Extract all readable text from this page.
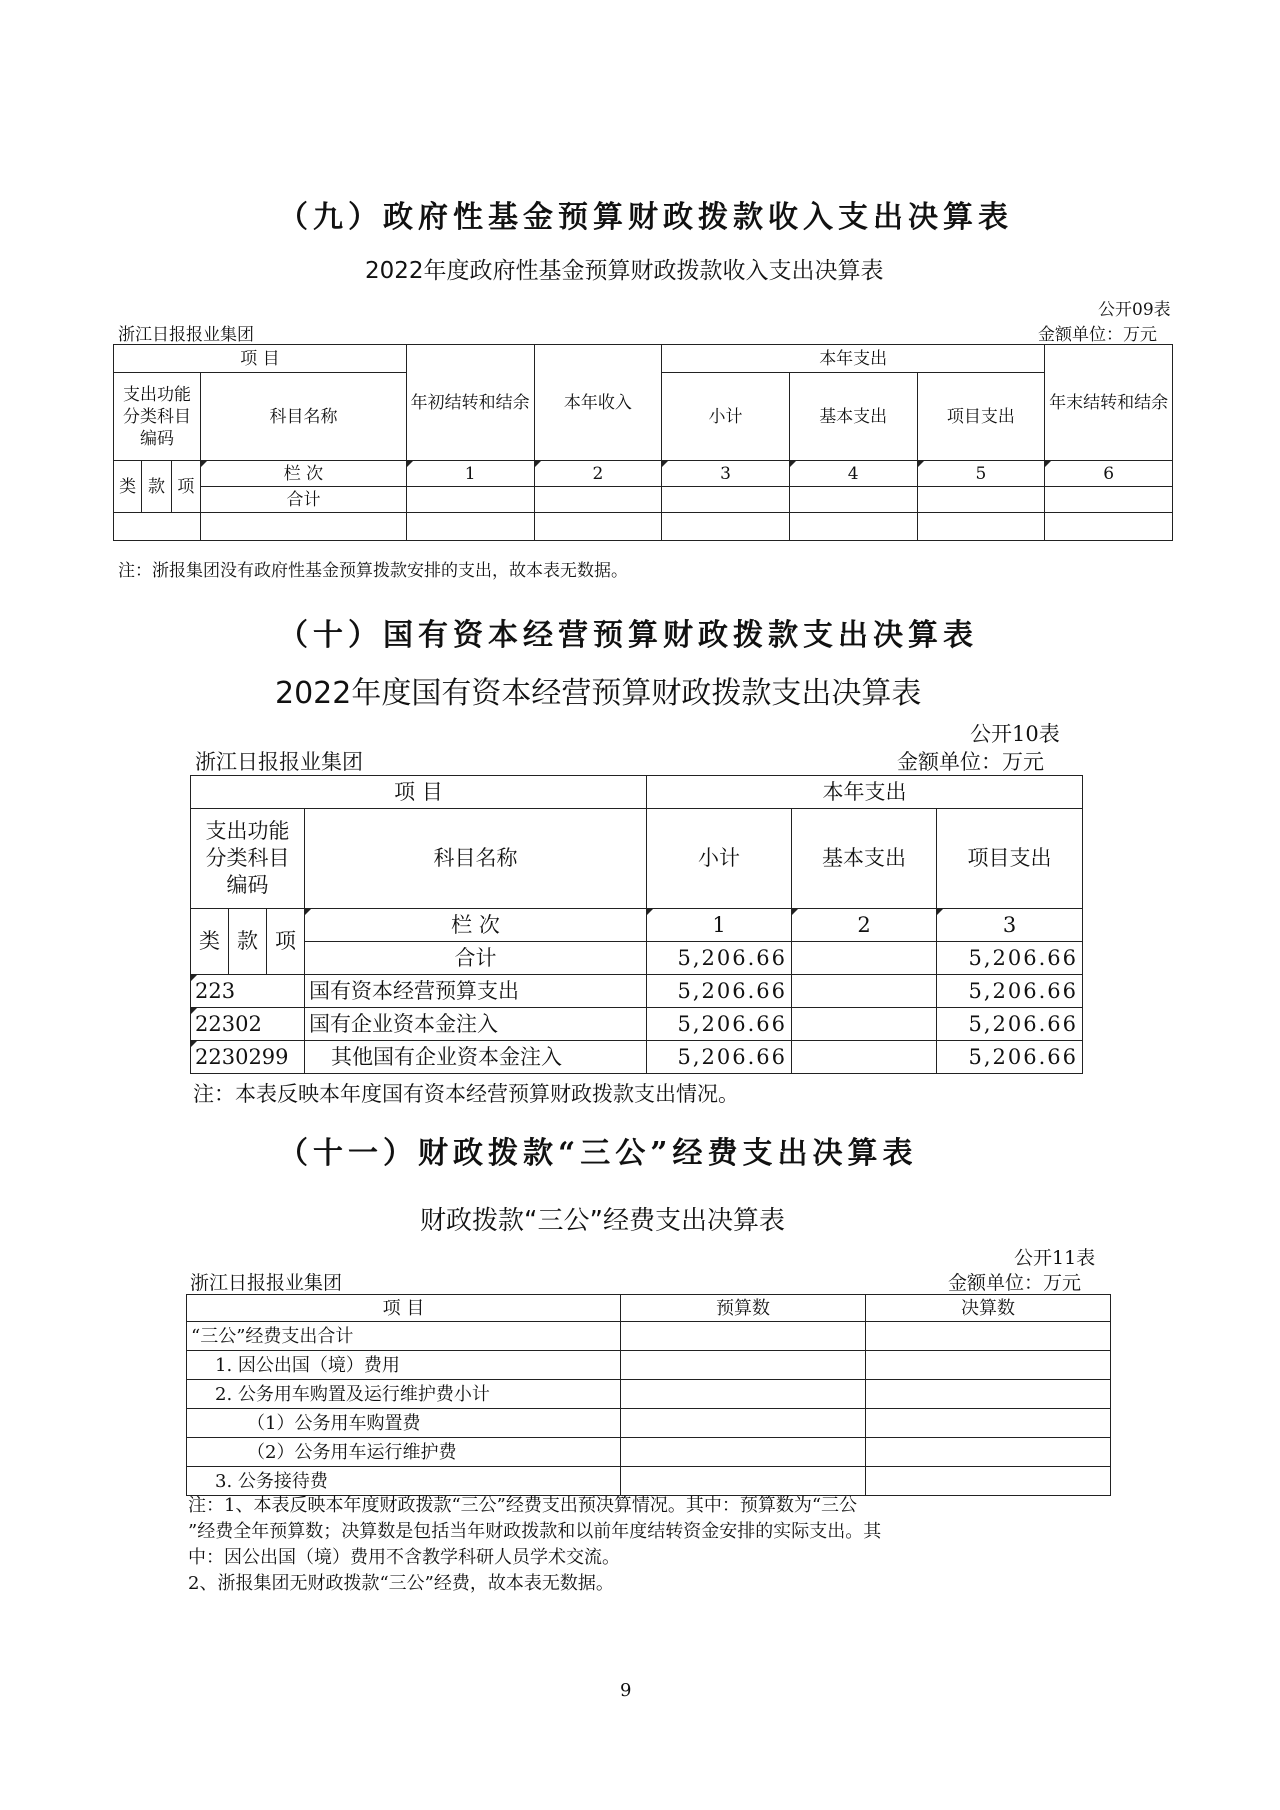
（九）政府性基金预算财政拨款收入支出决算表
2022年度政府性基金预算财政拨款收入支出决算表
公开09表
浙江日报报业集团	金额单位：万元
项 目				年初结转和结余	本年收入	本年支出			年末结转和结余
支出功能分类科目编码			科目名称			小计	基本支出	项目支出	
类	款	项	栏 次	1	2	3	4	5	6
			合计						

注：浙报集团没有政府性基金预算拨款安排的支出，故本表无数据。
（十）国有资本经营预算财政拨款支出决算表
2022年度国有资本经营预算财政拨款支出决算表
公开10表
浙江日报报业集团	金额单位：万元
项 目				本年支出		
支出功能分类科目编码			科目名称	小计	基本支出	项目支出
类	款	项	栏 次	1	2	3
			合计	5,206.66		5,206.66
223			国有资本经营预算支出	5,206.66		5,206.66
22302			国有企业资本金注入	5,206.66		5,206.66
2230299			其他国有企业资本金注入	5,206.66		5,206.66
注：本表反映本年度国有资本经营预算财政拨款支出情况。
（十一）财政拨款“三公”经费支出决算表
财政拨款“三公”经费支出决算表
公开11表
浙江日报报业集团	金额单位：万元
项 目	预算数	决算数
“三公”经费支出合计		
1. 因公出国（境）费用		
2. 公务用车购置及运行维护费小计		
（1）公务用车购置费		
（2）公务用车运行维护费		
3. 公务接待费		
注：1、本表反映本年度财政拨款“三公”经费支出预决算情况。其中：预算数为“三公
”经费全年预算数；决算数是包括当年财政拨款和以前年度结转资金安排的实际支出。其
中：因公出国（境）费用不含教学科研人员学术交流。
2、浙报集团无财政拨款“三公”经费，故本表无数据。
9
